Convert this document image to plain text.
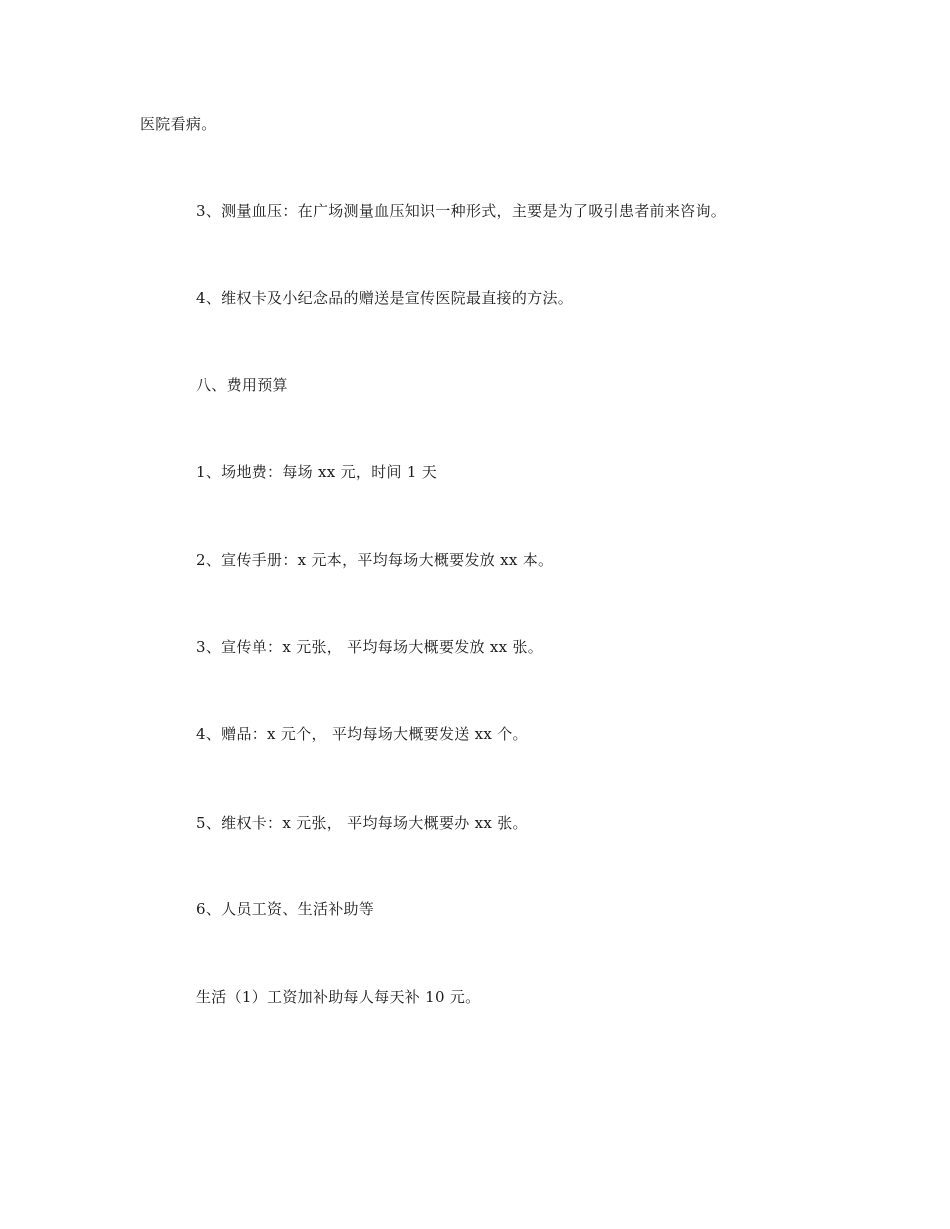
医院看病。
3、测量血压：在广场测量血压知识一种形式，主要是为了吸引患者前来咨询。
4、维权卡及小纪念品的赠送是宣传医院最直接的方法。
八、费用预算
1、场地费：每场 xx 元，时间 1 天
2、宣传手册：x 元本，平均每场大概要发放 xx 本。
3、宣传单：x 元张， 平均每场大概要发放 xx 张。
4、赠品：x 元个， 平均每场大概要发送 xx 个。
5、维权卡：x 元张， 平均每场大概要办 xx 张。
6、人员工资、生活补助等
生活（1）工资加补助每人每天补 10 元。
